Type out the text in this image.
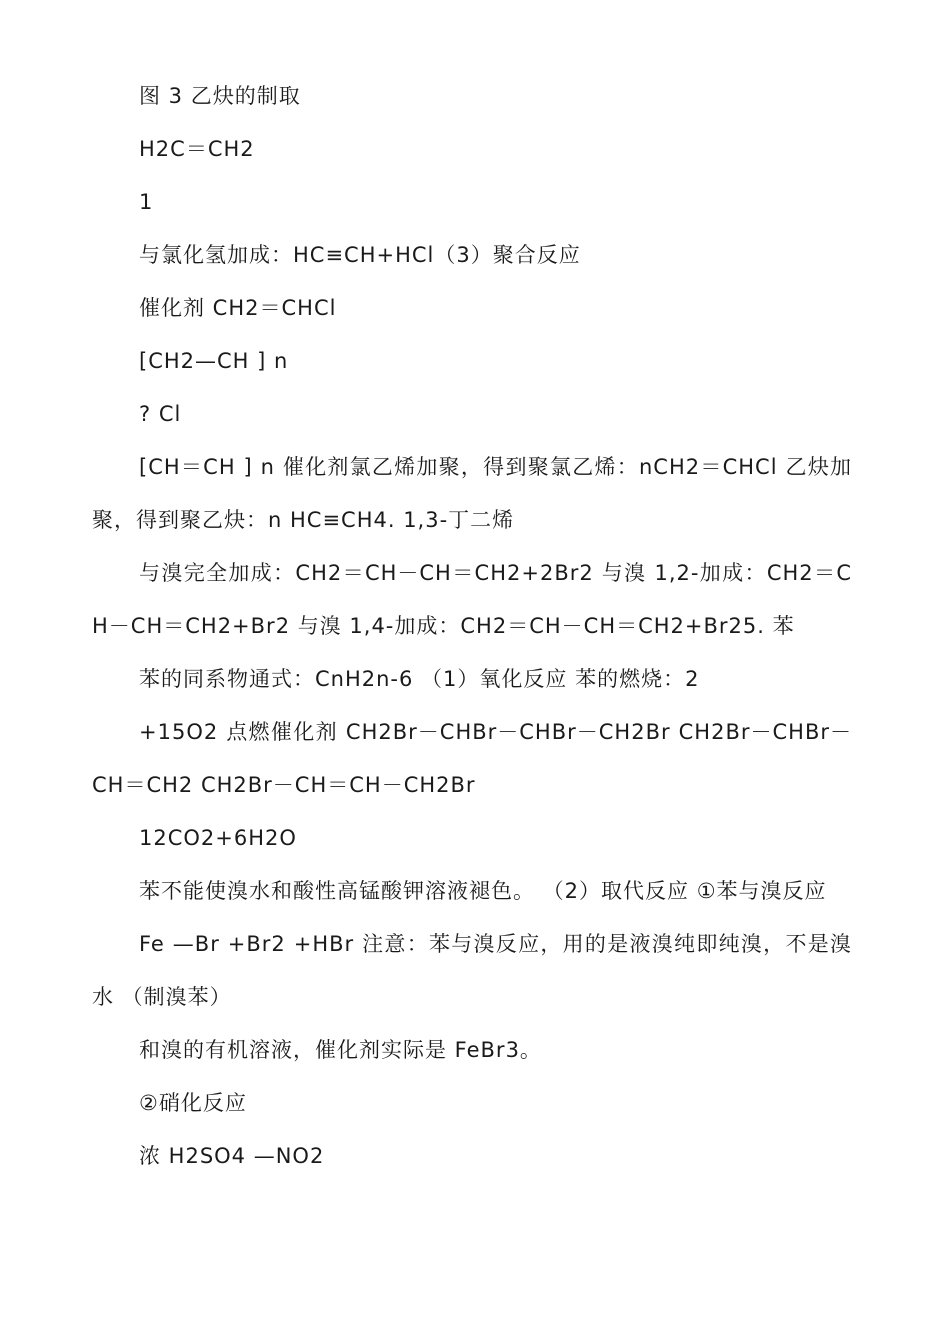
图 3 乙炔的制取

H2C＝CH2

1

与氯化氢加成：HC≡CH+HCl（3）聚合反应

催化剂 CH2＝CHCl

[CH2—CH ] n

? Cl

[CH＝CH ] n 催化剂氯乙烯加聚，得到聚氯乙烯：nCH2＝CHCl 乙炔加聚，得到聚乙炔：n HC≡CH4. 1,3-丁二烯

与溴完全加成：CH2＝CH－CH＝CH2+2Br2 与溴 1,2-加成：CH2＝CH－CH＝CH2+Br2 与溴 1,4-加成：CH2＝CH－CH＝CH2+Br25. 苯

苯的同系物通式：CnH2n-6 （1）氧化反应 苯的燃烧：2

+15O2 点燃催化剂 CH2Br－CHBr－CHBr－CH2Br CH2Br－CHBr－CH＝CH2 CH2Br－CH＝CH－CH2Br

12CO2+6H2O

苯不能使溴水和酸性高锰酸钾溶液褪色。 （2）取代反应 ①苯与溴反应

Fe —Br +Br2 +HBr 注意：苯与溴反应，用的是液溴纯即纯溴，不是溴水 （制溴苯）

和溴的有机溶液，催化剂实际是 FeBr3。

②硝化反应

浓 H2SO4 —NO2
